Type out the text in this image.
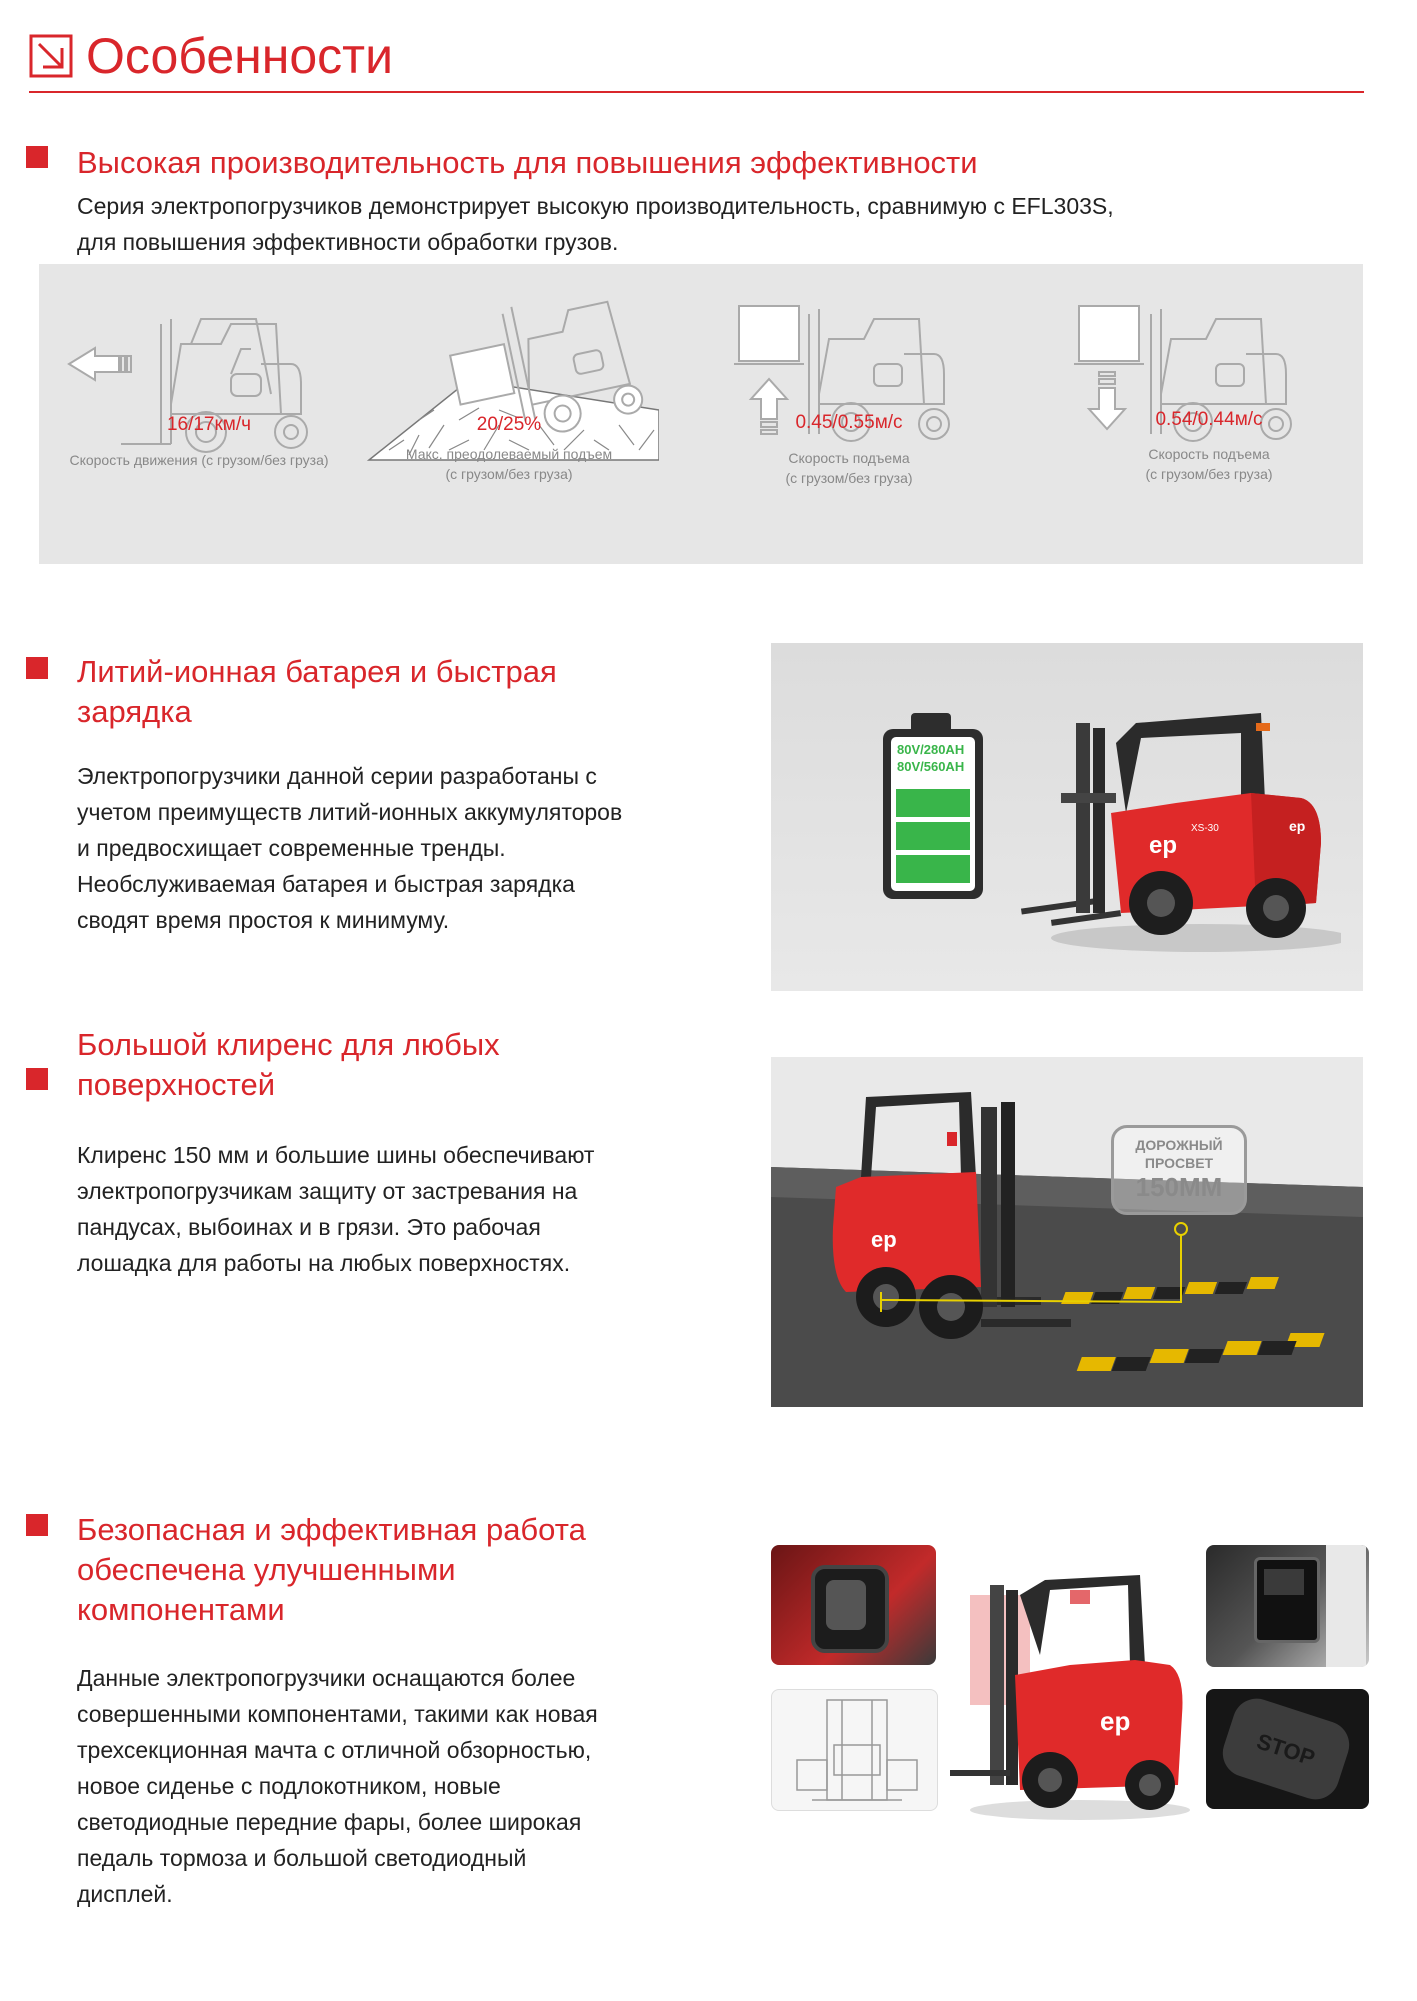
Особенности
Высокая производительность для повышения эффективности
Серия электропогрузчиков демонстрирует высокую производительность, сравнимую с EFL303S,
для повышения эффективности обработки грузов.
16/17км/ч
Скорость движения (с грузом/без груза)
20/25%
Макс. преодолеваемый подъем
(с грузом/без груза)
0.45/0.55м/с
Скорость подъема
(с грузом/без груза)
0.54/0.44м/с
Скорость подъема
(с грузом/без груза)
Литий-ионная батарея и быстрая
зарядка
Электропогрузчики данной серии разработаны с
учетом преимуществ литий-ионных аккумуляторов
и предвосхищает современные тренды.
Необслуживаемая батарея и быстрая зарядка
сводят время простоя к минимуму.
80V/280AH
80V/560AH
ep
ep
XS-30
Большой клиренс для любых
поверхностей
Клиренс 150 мм и большие шины обеспечивают
электропогрузчикам защиту от застревания на
пандусах, выбоинах и в грязи. Это рабочая
лошадка для работы на любых поверхностях.
ep
ДОРОЖНЫЙ
ПРОСВЕТ
150MM
Безопасная и эффективная работа
обеспечена улучшенными
компонентами
Данные электропогрузчики оснащаются более
совершенными компонентами, такими как новая
трехсекционная мачта с отличной обзорностью,
новое сиденье с подлокотником, новые
светодиодные передние фары, более широкая
педаль тормоза и большой светодиодный
дисплей.
ep
STOP
